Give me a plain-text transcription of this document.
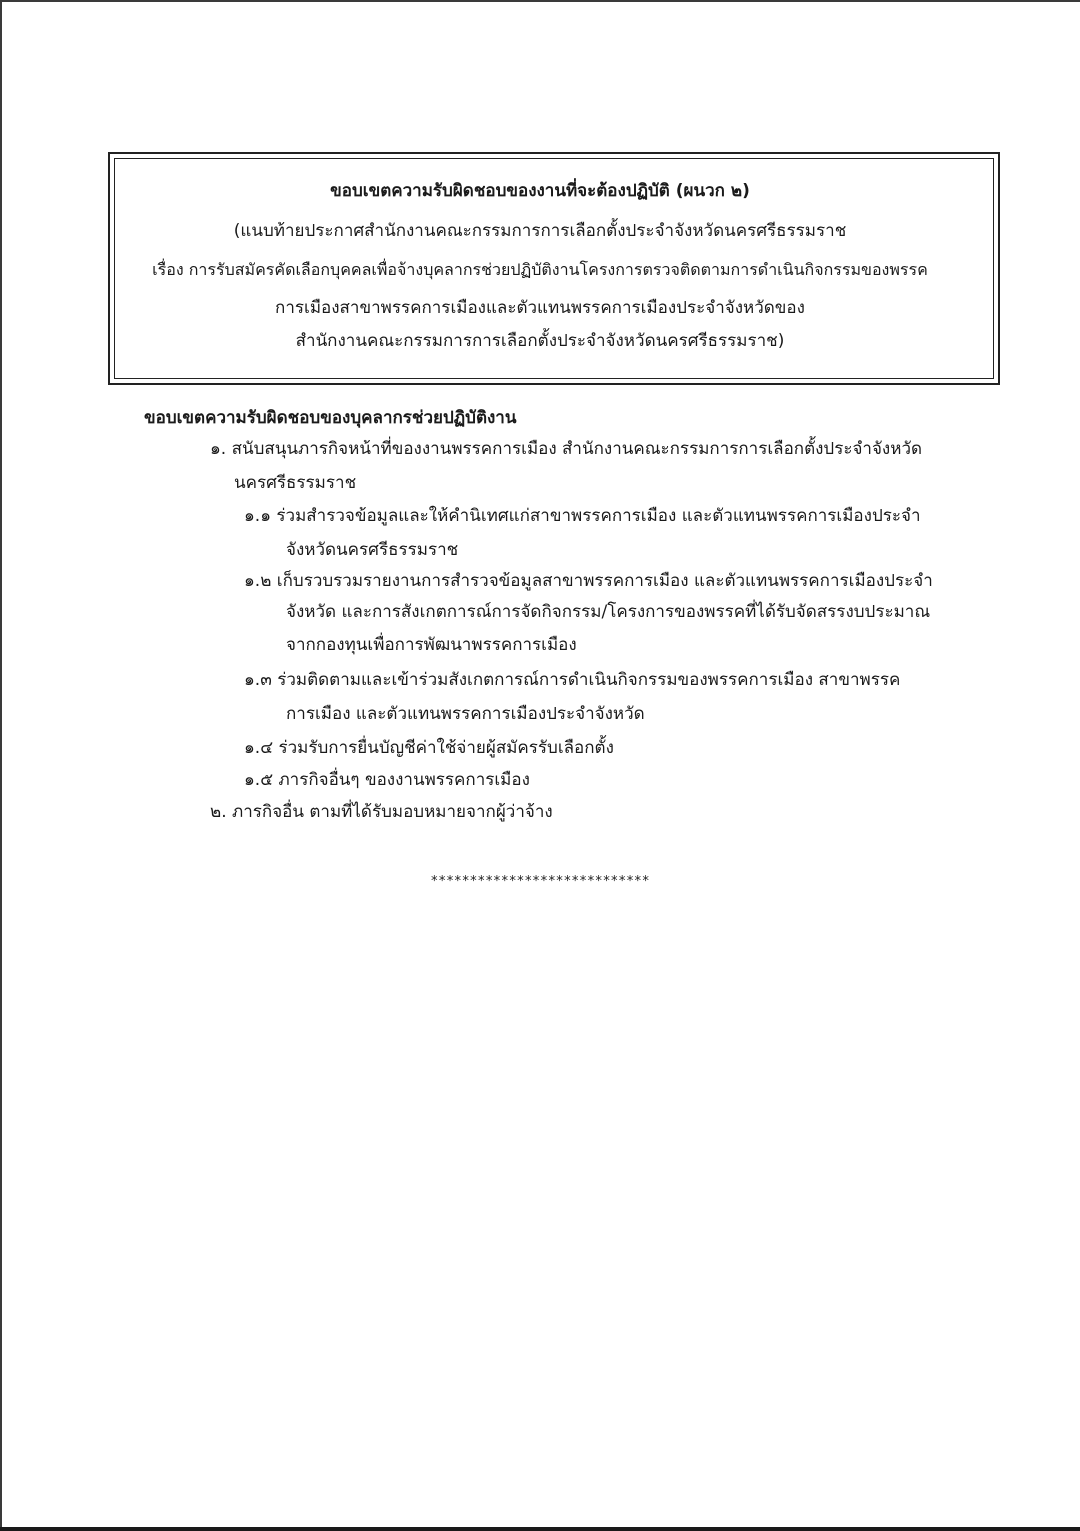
ขอบเขตความรับผิดชอบของงานที่จะต้องปฏิบัติ (ผนวก ๒)
(แนบท้ายประกาศสำนักงานคณะกรรมการการเลือกตั้งประจำจังหวัดนครศรีธรรมราช
เรื่อง การรับสมัครคัดเลือกบุคคลเพื่อจ้างบุคลากรช่วยปฏิบัติงานโครงการตรวจติดตามการดำเนินกิจกรรมของพรรค
การเมืองสาขาพรรคการเมืองและตัวแทนพรรคการเมืองประจำจังหวัดของ
สำนักงานคณะกรรมการการเลือกตั้งประจำจังหวัดนครศรีธรรมราช)
ขอบเขตความรับผิดชอบของบุคลากรช่วยปฏิบัติงาน
๑. สนับสนุนภารกิจหน้าที่ของงานพรรคการเมือง สำนักงานคณะกรรมการการเลือกตั้งประจำจังหวัด
นครศรีธรรมราช
๑.๑ ร่วมสำรวจข้อมูลและให้คำนิเทศแก่สาขาพรรคการเมือง และตัวแทนพรรคการเมืองประจำ
จังหวัดนครศรีธรรมราช
๑.๒ เก็บรวบรวมรายงานการสำรวจข้อมูลสาขาพรรคการเมือง และตัวแทนพรรคการเมืองประจำ
จังหวัด และการสังเกตการณ์การจัดกิจกรรม/โครงการของพรรคที่ได้รับจัดสรรงบประมาณ
จากกองทุนเพื่อการพัฒนาพรรคการเมือง
๑.๓ ร่วมติดตามและเข้าร่วมสังเกตการณ์การดำเนินกิจกรรมของพรรคการเมือง สาขาพรรค
การเมือง และตัวแทนพรรคการเมืองประจำจังหวัด
๑.๔ ร่วมรับการยื่นบัญชีค่าใช้จ่ายผู้สมัครรับเลือกตั้ง
๑.๕ ภารกิจอื่นๆ ของงานพรรคการเมือง
๒. ภารกิจอื่น ตามที่ได้รับมอบหมายจากผู้ว่าจ้าง
****************************
